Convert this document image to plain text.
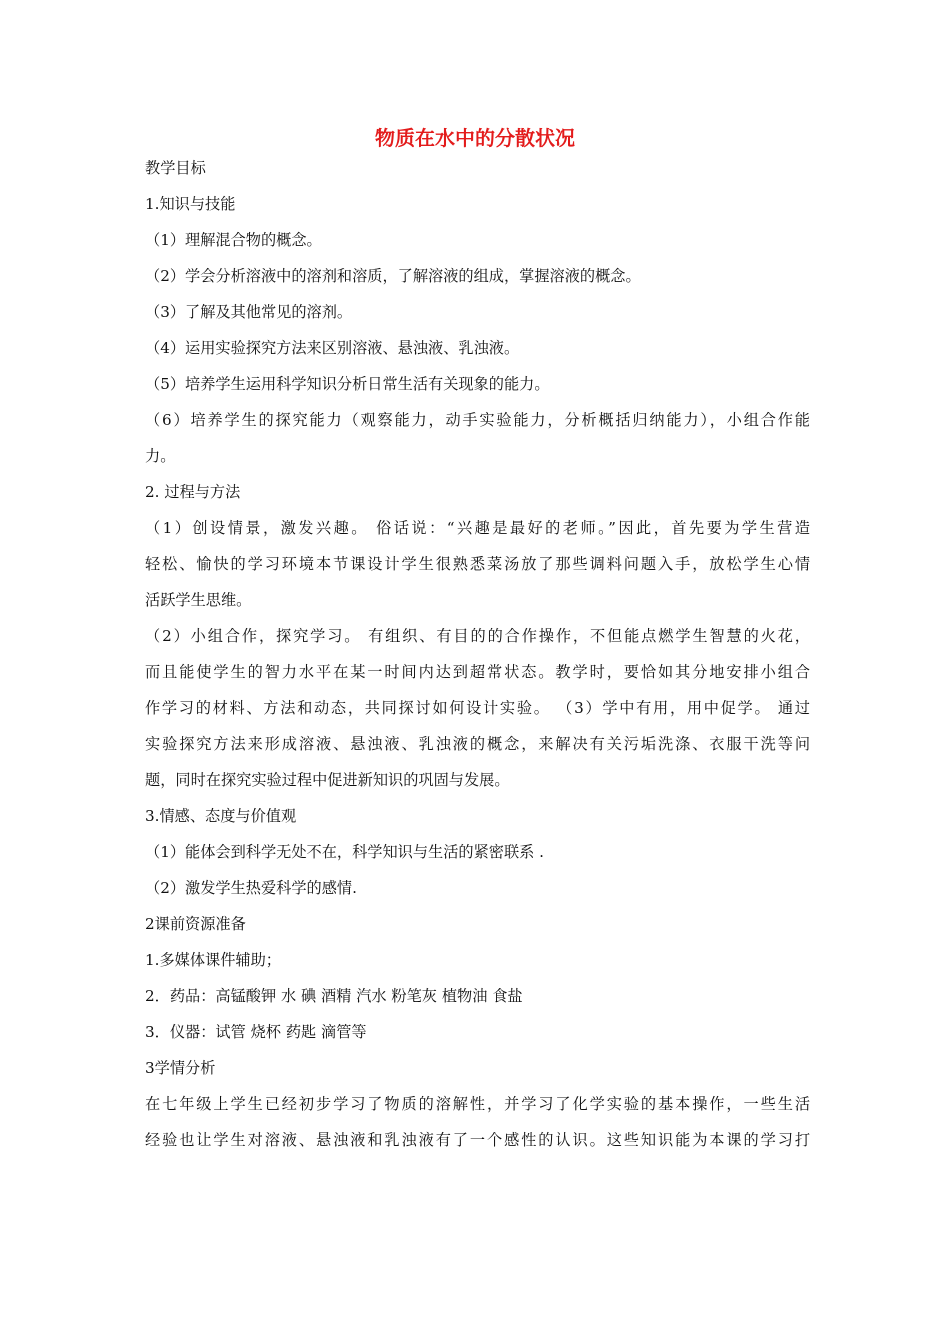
物质在水中的分散状况
教学目标
1.知识与技能
（1）理解混合物的概念。
（2）学会分析溶液中的溶剂和溶质，了解溶液的组成，掌握溶液的概念。
（3）了解及其他常见的溶剂。
（4）运用实验探究方法来区别溶液、悬浊液、乳浊液。
（5）培养学生运用科学知识分析日常生活有关现象的能力。
（6）培养学生的探究能力（观察能力，动手实验能力，分析概括归纳能力），小组合作能
力。
2. 过程与方法
（1）创设情景，激发兴趣。 俗话说：“兴趣是最好的老师。”因此，首先要为学生营造
轻松、愉快的学习环境本节课设计学生很熟悉菜汤放了那些调料问题入手，放松学生心情
活跃学生思维。
（2）小组合作，探究学习。 有组织、有目的的合作操作，不但能点燃学生智慧的火花，
而且能使学生的智力水平在某一时间内达到超常状态。教学时，要恰如其分地安排小组合
作学习的材料、方法和动态，共同探讨如何设计实验。 （3）学中有用，用中促学。 通过
实验探究方法来形成溶液、悬浊液、乳浊液的概念，来解决有关污垢洗涤、衣服干洗等问
题，同时在探究实验过程中促进新知识的巩固与发展。
3.情感、态度与价值观
（1）能体会到科学无处不在，科学知识与生活的紧密联系 .
（2）激发学生热爱科学的感情.
2课前资源准备
1.多媒体课件辅助；
2．药品：高锰酸钾 水 碘 酒精 汽水 粉笔灰 植物油 食盐
3．仪器：试管 烧杯 药匙 滴管等
3学情分析
在七年级上学生已经初步学习了物质的溶解性，并学习了化学实验的基本操作，一些生活
经验也让学生对溶液、悬浊液和乳浊液有了一个感性的认识。这些知识能为本课的学习打
